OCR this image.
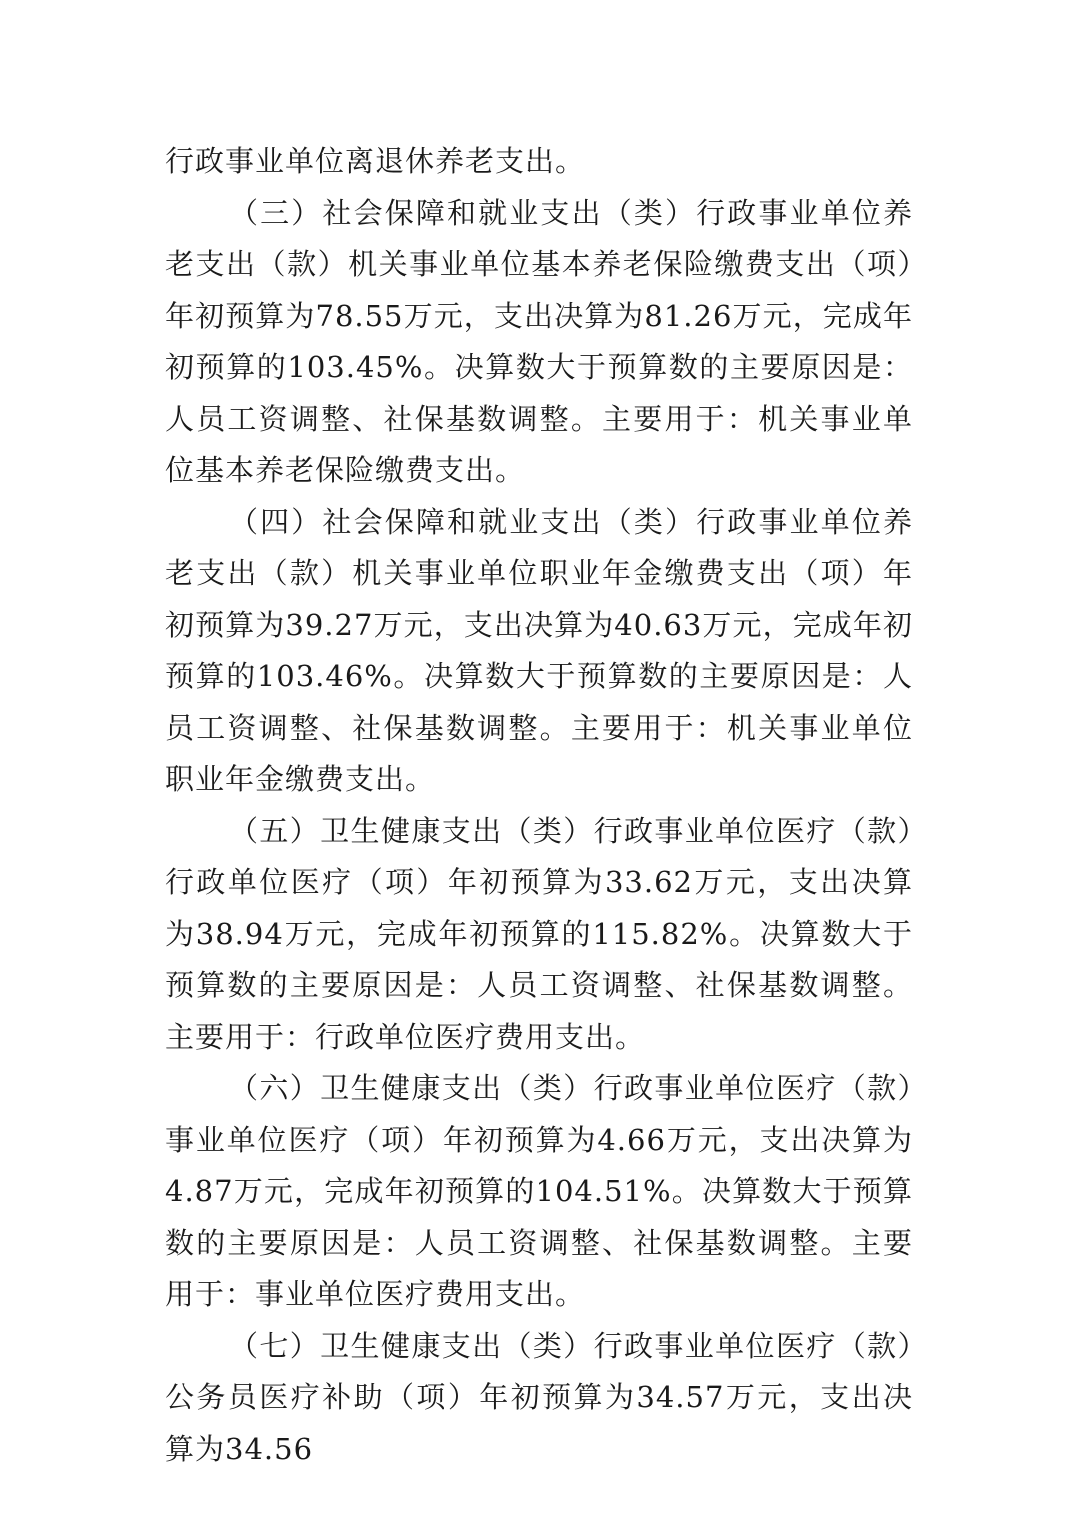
行政事业单位离退休养老支出。

（三）社会保障和就业支出（类）行政事业单位养老支出（款）机关事业单位基本养老保险缴费支出（项）年初预算为78.55万元，支出决算为81.26万元，完成年初预算的103.45%。决算数大于预算数的主要原因是：人员工资调整、社保基数调整。主要用于：机关事业单位基本养老保险缴费支出。

（四）社会保障和就业支出（类）行政事业单位养老支出（款）机关事业单位职业年金缴费支出（项）年初预算为39.27万元，支出决算为40.63万元，完成年初预算的103.46%。决算数大于预算数的主要原因是：人员工资调整、社保基数调整。主要用于：机关事业单位职业年金缴费支出。

（五）卫生健康支出（类）行政事业单位医疗（款）行政单位医疗（项）年初预算为33.62万元，支出决算为38.94万元，完成年初预算的115.82%。决算数大于预算数的主要原因是：人员工资调整、社保基数调整。主要用于：行政单位医疗费用支出。

（六）卫生健康支出（类）行政事业单位医疗（款）事业单位医疗（项）年初预算为4.66万元，支出决算为4.87万元，完成年初预算的104.51%。决算数大于预算数的主要原因是：人员工资调整、社保基数调整。主要用于：事业单位医疗费用支出。

（七）卫生健康支出（类）行政事业单位医疗（款）公务员医疗补助（项）年初预算为34.57万元，支出决算为34.56
